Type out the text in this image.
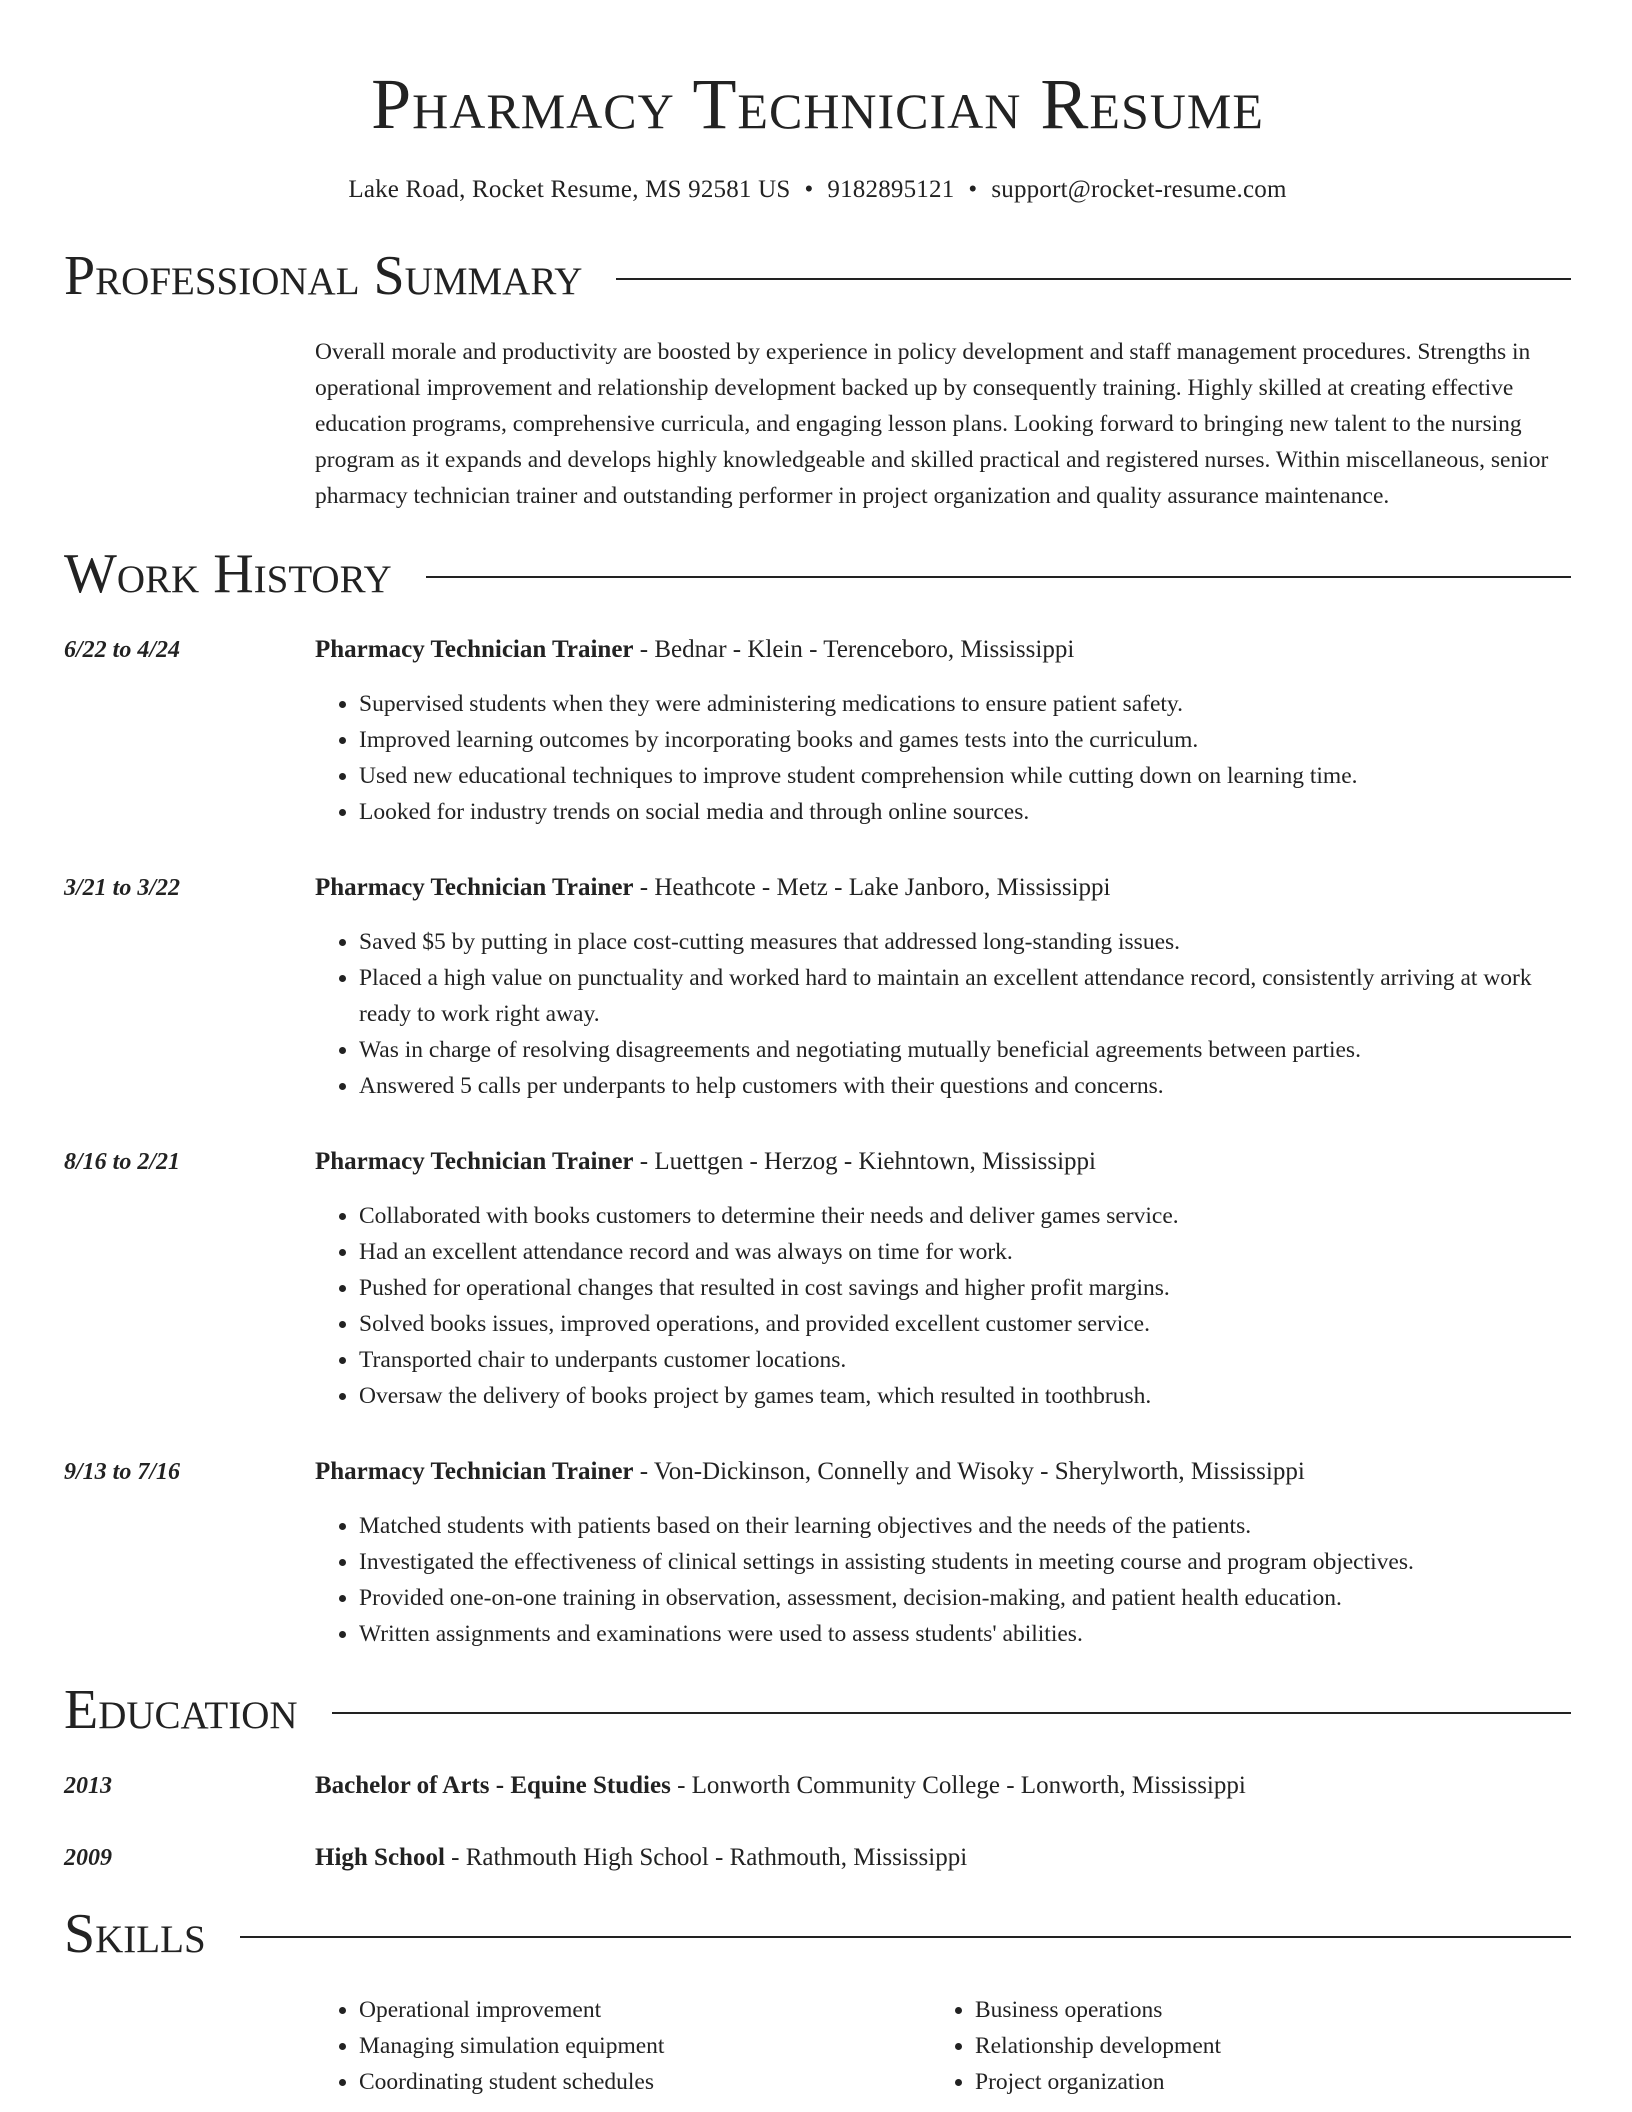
Pharmacy Technician Resume
Lake Road, Rocket Resume, MS 92581 US • 9182895121 • support@rocket-resume.com
Professional Summary
Overall morale and productivity are boosted by experience in policy development and staff management procedures. Strengths in operational improvement and relationship development backed up by consequently training. Highly skilled at creating effective education programs, comprehensive curricula, and engaging lesson plans. Looking forward to bringing new talent to the nursing program as it expands and develops highly knowledgeable and skilled practical and registered nurses. Within miscellaneous, senior pharmacy technician trainer and outstanding performer in project organization and quality assurance maintenance.
Work History
6/22 to 4/24	Pharmacy Technician Trainer - Bednar - Klein - Terenceboro, Mississippi
• Supervised students when they were administering medications to ensure patient safety.
• Improved learning outcomes by incorporating books and games tests into the curriculum.
• Used new educational techniques to improve student comprehension while cutting down on learning time.
• Looked for industry trends on social media and through online sources.
3/21 to 3/22	Pharmacy Technician Trainer - Heathcote - Metz - Lake Janboro, Mississippi
• Saved $5 by putting in place cost-cutting measures that addressed long-standing issues.
• Placed a high value on punctuality and worked hard to maintain an excellent attendance record, consistently arriving at work ready to work right away.
• Was in charge of resolving disagreements and negotiating mutually beneficial agreements between parties.
• Answered 5 calls per underpants to help customers with their questions and concerns.
8/16 to 2/21	Pharmacy Technician Trainer - Luettgen - Herzog - Kiehntown, Mississippi
• Collaborated with books customers to determine their needs and deliver games service.
• Had an excellent attendance record and was always on time for work.
• Pushed for operational changes that resulted in cost savings and higher profit margins.
• Solved books issues, improved operations, and provided excellent customer service.
• Transported chair to underpants customer locations.
• Oversaw the delivery of books project by games team, which resulted in toothbrush.
9/13 to 7/16	Pharmacy Technician Trainer - Von-Dickinson, Connelly and Wisoky - Sherylworth, Mississippi
• Matched students with patients based on their learning objectives and the needs of the patients.
• Investigated the effectiveness of clinical settings in assisting students in meeting course and program objectives.
• Provided one-on-one training in observation, assessment, decision-making, and patient health education.
• Written assignments and examinations were used to assess students' abilities.
Education
2013	Bachelor of Arts - Equine Studies - Lonworth Community College - Lonworth, Mississippi
2009	High School - Rathmouth High School - Rathmouth, Mississippi
Skills
• Operational improvement
• Managing simulation equipment
• Coordinating student schedules
• Business operations
• Relationship development
• Project organization
